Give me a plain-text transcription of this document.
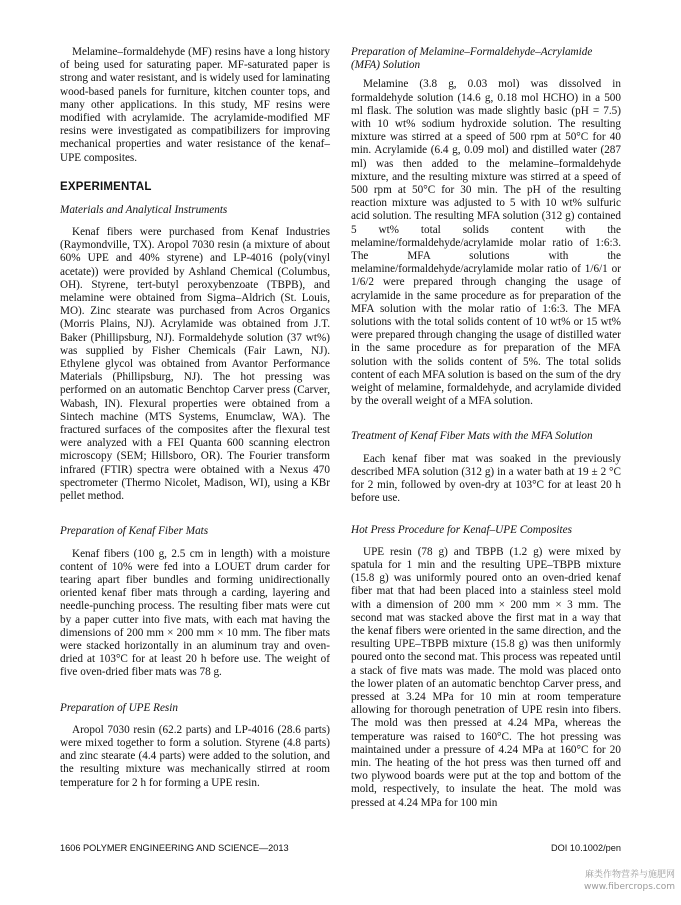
Melamine–formaldehyde (MF) resins have a long history of being used for saturating paper. MF-saturated paper is strong and water resistant, and is widely used for laminating wood-based panels for furniture, kitchen counter tops, and many other applications. In this study, MF resins were modified with acrylamide. The acrylamide-modified MF resins were investigated as compatibilizers for improving mechanical properties and water resistance of the kenaf–UPE composites.

EXPERIMENTAL
Materials and Analytical Instruments

Kenaf fibers were purchased from Kenaf Industries (Raymondville, TX). Aropol 7030 resin (a mixture of about 60% UPE and 40% styrene) and LP-4016 (poly(vinyl acetate)) were provided by Ashland Chemical (Columbus, OH). Styrene, tert-butyl peroxybenzoate (TBPB), and melamine were obtained from Sigma–Aldrich (St. Louis, MO). Zinc stearate was purchased from Acros Organics (Morris Plains, NJ). Acrylamide was obtained from J.T. Baker (Phillipsburg, NJ). Formaldehyde solution (37 wt%) was supplied by Fisher Chemicals (Fair Lawn, NJ). Ethylene glycol was obtained from Avantor Performance Materials (Phillipsburg, NJ). The hot pressing was performed on an automatic Benchtop Carver press (Carver, Wabash, IN). Flexural properties were obtained from a Sintech machine (MTS Systems, Enumclaw, WA). The fractured surfaces of the composites after the flexural test were analyzed with a FEI Quanta 600 scanning electron microscopy (SEM; Hillsboro, OR). The Fourier transform infrared (FTIR) spectra were obtained with a Nexus 470 spectrometer (Thermo Nicolet, Madison, WI), using a KBr pellet method.

Preparation of Kenaf Fiber Mats

Kenaf fibers (100 g, 2.5 cm in length) with a moisture content of 10% were fed into a LOUET drum carder for tearing apart fiber bundles and forming unidirectionally oriented kenaf fiber mats through a carding, layering and needle-punching process. The resulting fiber mats were cut by a paper cutter into five mats, with each mat having the dimensions of 200 mm × 200 mm × 10 mm. The fiber mats were stacked horizontally in an aluminum tray and oven-dried at 103°C for at least 20 h before use. The weight of five oven-dried fiber mats was 78 g.

Preparation of UPE Resin

Aropol 7030 resin (62.2 parts) and LP-4016 (28.6 parts) were mixed together to form a solution. Styrene (4.8 parts) and zinc stearate (4.4 parts) were added to the solution, and the resulting mixture was mechanically stirred at room temperature for 2 h for forming a UPE resin.

Preparation of Melamine–Formaldehyde–Acrylamide (MFA) Solution

Melamine (3.8 g, 0.03 mol) was dissolved in formaldehyde solution (14.6 g, 0.18 mol HCHO) in a 500 ml flask. The solution was made slightly basic (pH = 7.5) with 10 wt% sodium hydroxide solution. The resulting mixture was stirred at a speed of 500 rpm at 50°C for 40 min. Acrylamide (6.4 g, 0.09 mol) and distilled water (287 ml) was then added to the melamine–formaldehyde mixture, and the resulting mixture was stirred at a speed of 500 rpm at 50°C for 30 min. The pH of the resulting reaction mixture was adjusted to 5 with 10 wt% sulfuric acid solution. The resulting MFA solution (312 g) contained 5 wt% total solids content with the melamine/formaldehyde/acrylamide molar ratio of 1:6:3. The MFA solutions with the melamine/formaldehyde/acrylamide molar ratio of 1/6/1 or 1/6/2 were prepared through changing the usage of acrylamide in the same procedure as for preparation of the MFA solution with the molar ratio of 1:6:3. The MFA solutions with the total solids content of 10 wt% or 15 wt% were prepared through changing the usage of distilled water in the same procedure as for preparation of the MFA solution with the solids content of 5%. The total solids content of each MFA solution is based on the sum of the dry weight of melamine, formaldehyde, and acrylamide divided by the overall weight of a MFA solution.

Treatment of Kenaf Fiber Mats with the MFA Solution

Each kenaf fiber mat was soaked in the previously described MFA solution (312 g) in a water bath at 19 ± 2 °C for 2 min, followed by oven-dry at 103°C for at least 20 h before use.

Hot Press Procedure for Kenaf–UPE Composites

UPE resin (78 g) and TBPB (1.2 g) were mixed by spatula for 1 min and the resulting UPE–TBPB mixture (15.8 g) was uniformly poured onto an oven-dried kenaf fiber mat that had been placed into a stainless steel mold with a dimension of 200 mm × 200 mm × 3 mm. The second mat was stacked above the first mat in a way that the kenaf fibers were oriented in the same direction, and the resulting UPE–TBPB mixture (15.8 g) was then uniformly poured onto the second mat. This process was repeated until a stack of five mats was made. The mold was placed onto the lower platen of an automatic benchtop Carver press, and pressed at 3.24 MPa for 10 min at room temperature allowing for thorough penetration of UPE resin into fibers. The mold was then pressed at 4.24 MPa, whereas the temperature was raised to 160°C. The hot pressing was maintained under a pressure of 4.24 MPa at 160°C for 20 min. The heating of the hot press was then turned off and two plywood boards were put at the top and bottom of the mold, respectively, to insulate the heat. The mold was pressed at 4.24 MPa for 100 min

1606 POLYMER ENGINEERING AND SCIENCE—2013	DOI 10.1002/pen
麻类作物营养与施肥网
www.fibercrops.com
